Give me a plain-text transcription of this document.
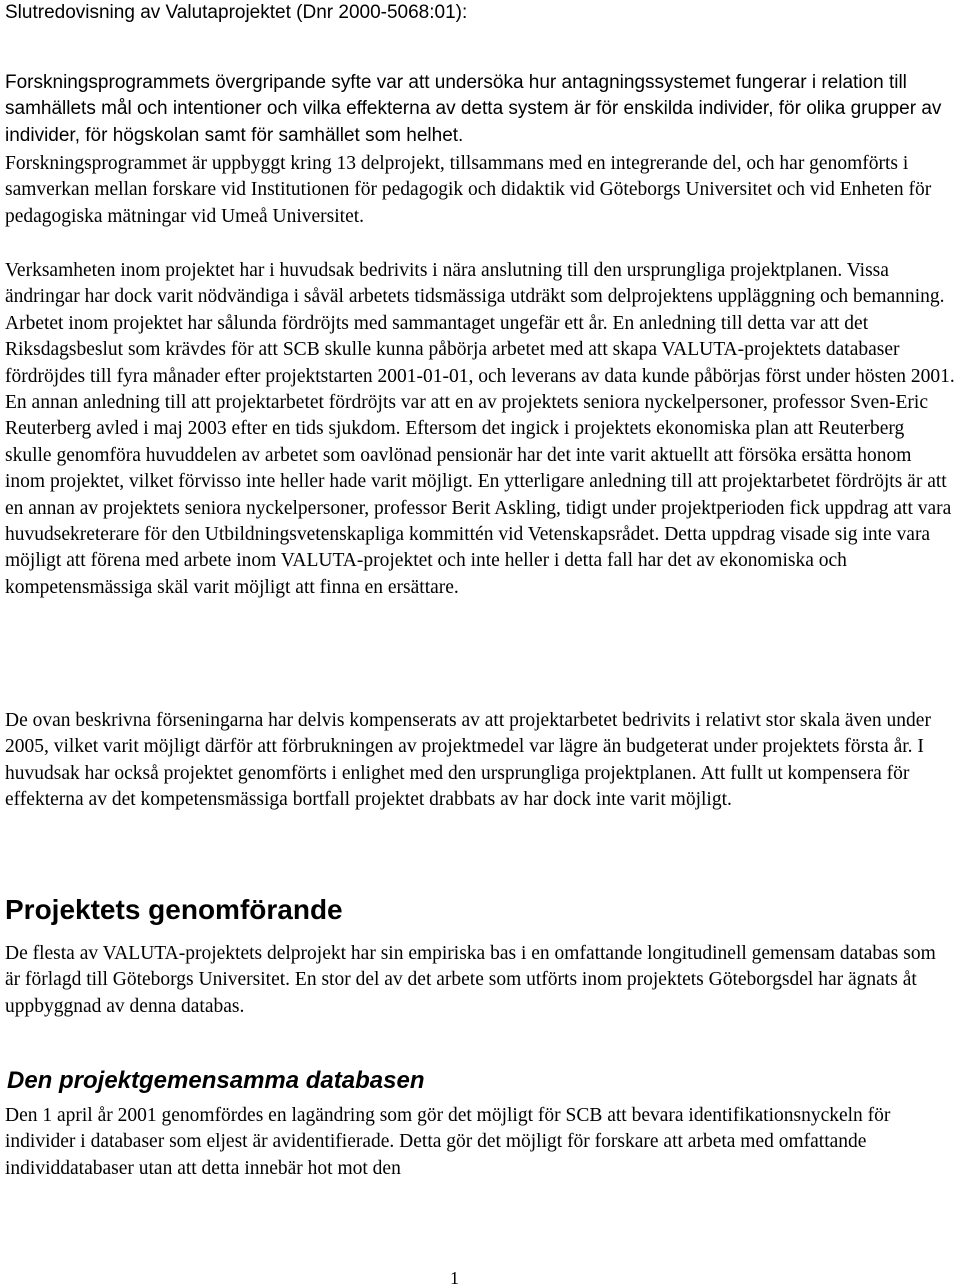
Slutredovisning av Valutaprojektet (Dnr 2000-5068:01):

Forskningsprogrammets övergripande syfte var att undersöka hur antagningssystemet fungerar i relation till samhällets mål och intentioner och vilka effekterna av detta system är för enskilda individer, för olika grupper av individer, för högskolan samt för samhället som helhet.

Forskningsprogrammet är uppbyggt kring 13 delprojekt, tillsammans med en integrerande del, och har genomförts i samverkan mellan forskare vid Institutionen för pedagogik och didaktik vid Göteborgs Universitet och vid Enheten för pedagogiska mätningar vid Umeå Universitet.

Verksamheten inom projektet har i huvudsak bedrivits i nära anslutning till den ursprungliga projektplanen. Vissa ändringar har dock varit nödvändiga i såväl arbetets tidsmässiga utdräkt som delprojektens uppläggning och bemanning. Arbetet inom projektet har sålunda fördröjts med sammantaget ungefär ett år. En anledning till detta var att det Riksdagsbeslut som krävdes för att SCB skulle kunna påbörja arbetet med att skapa VALUTA-projektets databaser fördröjdes till fyra månader efter projektstarten 2001-01-01, och leverans av data kunde påbörjas först under hösten 2001. En annan anledning till att projektarbetet fördröjts var att en av projektets seniora nyckelpersoner, professor Sven-Eric Reuterberg avled i maj 2003 efter en tids sjukdom. Eftersom det ingick i projektets ekonomiska plan att Reuterberg skulle genomföra huvuddelen av arbetet som oavlönad pensionär har det inte varit aktuellt att försöka ersätta honom inom projektet, vilket förvisso inte heller hade varit möjligt. En ytterligare anledning till att projektarbetet fördröjts är att en annan av projektets seniora nyckelpersoner, professor Berit Askling, tidigt under projektperioden fick uppdrag att vara huvudsekreterare för den Utbildningsvetenskapliga kommittén vid Vetenskapsrådet. Detta uppdrag visade sig inte vara möjligt att förena med arbete inom VALUTA-projektet och inte heller i detta fall har det av ekonomiska och kompetensmässiga skäl varit möjligt att finna en ersättare.

De ovan beskrivna förseningarna har delvis kompenserats av att projektarbetet bedrivits i relativt stor skala även under 2005, vilket varit möjligt därför att förbrukningen av projektmedel var lägre än budgeterat under projektets första år. I huvudsak har också projektet genomförts i enlighet med den ursprungliga projektplanen. Att fullt ut kompensera för effekterna av det kompetensmässiga bortfall projektet drabbats av har dock inte varit möjligt.

Projektets genomförande

De flesta av VALUTA-projektets delprojekt har sin empiriska bas i en omfattande longitudinell gemensam databas som är förlagd till Göteborgs Universitet. En stor del av det arbete som utförts inom projektets Göteborgsdel har ägnats åt uppbyggnad av denna databas.

Den projektgemensamma databasen

Den 1 april år 2001 genomfördes en lagändring som gör det möjligt för SCB att bevara identifikationsnyckeln för individer i databaser som eljest är avidentifierade. Detta gör det möjligt för forskare att arbeta med omfattande individdatabaser utan att detta innebär hot mot den

1
